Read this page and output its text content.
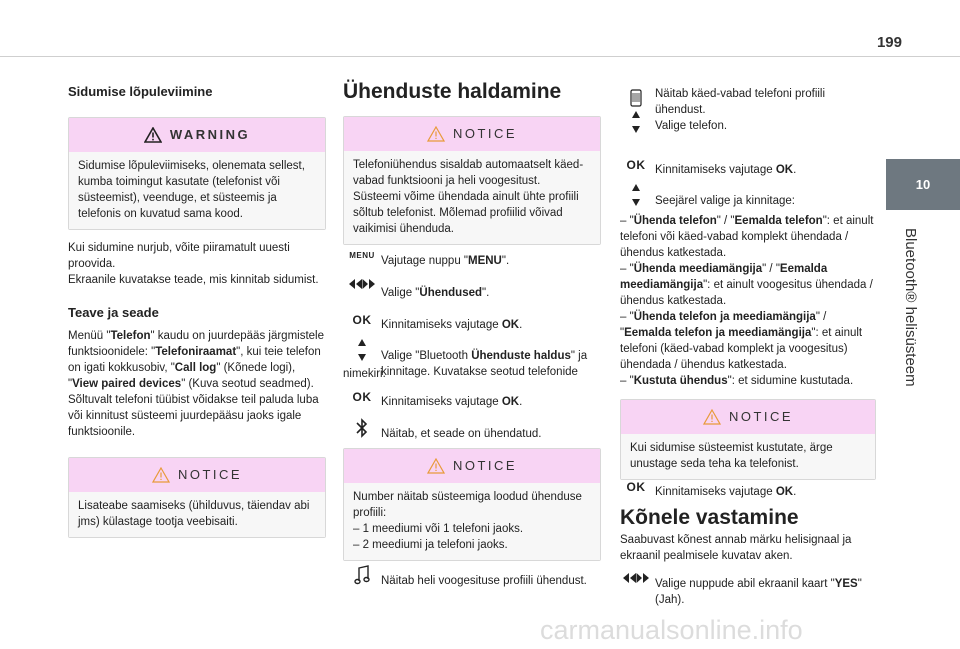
199
10
Bluetooth® helisüsteem
Sidumise lõpuleviimine
WARNING
Sidumise lõpuleviimiseks, olenemata sellest, kumba toimingut kasutate (telefonist või süsteemist), veenduge, et süsteemis ja telefonis on kuvatud sama kood.

Kui sidumine nurjub, võite piiramatult uuesti proovida.

Ekraanile kuvatakse teade, mis kinnitab sidumist.

Teave ja seade

Menüü "Telefon" kaudu on juurdepääs järgmistele funktsioonidele: "Telefoniraamat", kui teie telefon on igati kokkusobiv, "Call log" (Kõnede logi), "View paired devices" (Kuva seotud seadmed).

Sõltuvalt telefoni tüübist võidakse teil paluda luba või kinnitust süsteemi juurdepääsu jaoks igale funktsioonile.

NOTICE
Lisateabe saamiseks (ühilduvus, täiendav abi jms) külastage tootja veebisaiti.
Ühenduste haldamine
NOTICE
Telefoniühendus sisaldab automaatselt käed-vabad funktsiooni ja heli voogesitust. Süsteemi võime ühendada ainult ühte profiili sõltub telefonist. Mõlemad profiilid võivad vaikimisi ühenduda.
MENU Vajutage nuppu "MENU".

Valige "Ühendused".

OK Kinnitamiseks vajutage OK.

Valige "Bluetooth Ühenduste haldus" ja kinnitage. Kuvatakse seotud telefonide

nimekiri.

OK Kinnitamiseks vajutage OK.

Näitab, et seade on ühendatud.

NOTICE

Number näitab süsteemiga loodud ühenduse profiili:

– 1 meediumi või 1 telefoni jaoks.

– 2 meediumi ja telefoni jaoks.

Näitab heli voogesituse profiili ühendust.

Näitab käed-vabad telefoni profiili ühendust.

Valige telefon.

OK Kinnitamiseks vajutage OK.

Seejärel valige ja kinnitage:

– "Ühenda telefon" / "Eemalda telefon": et ainult telefoni või käed-vabad komplekt ühendada / ühendus katkestada.

– "Ühenda meediamängija" / "Eemalda meediamängija": et ainult voogesitus ühendada / ühendus katkestada.

– "Ühenda telefon ja meediamängija" / "Eemalda telefon ja meediamängija": et ainult telefoni (käed-vabad komplekt ja voogesitus) ühendada / ühendus katkestada.

– "Kustuta ühendus": et sidumine kustutada.

NOTICE
Kui sidumise süsteemist kustutate, ärge unustage seda teha ka telefonist.
OK Kinnitamiseks vajutage OK.

Kõnele vastamine

Saabuvast kõnest annab märku helisignaal ja ekraanil pealmisele kuvatav aken.

Valige nuppude abil ekraanil kaart "YES" (Jah).

carmanualsonline.info
